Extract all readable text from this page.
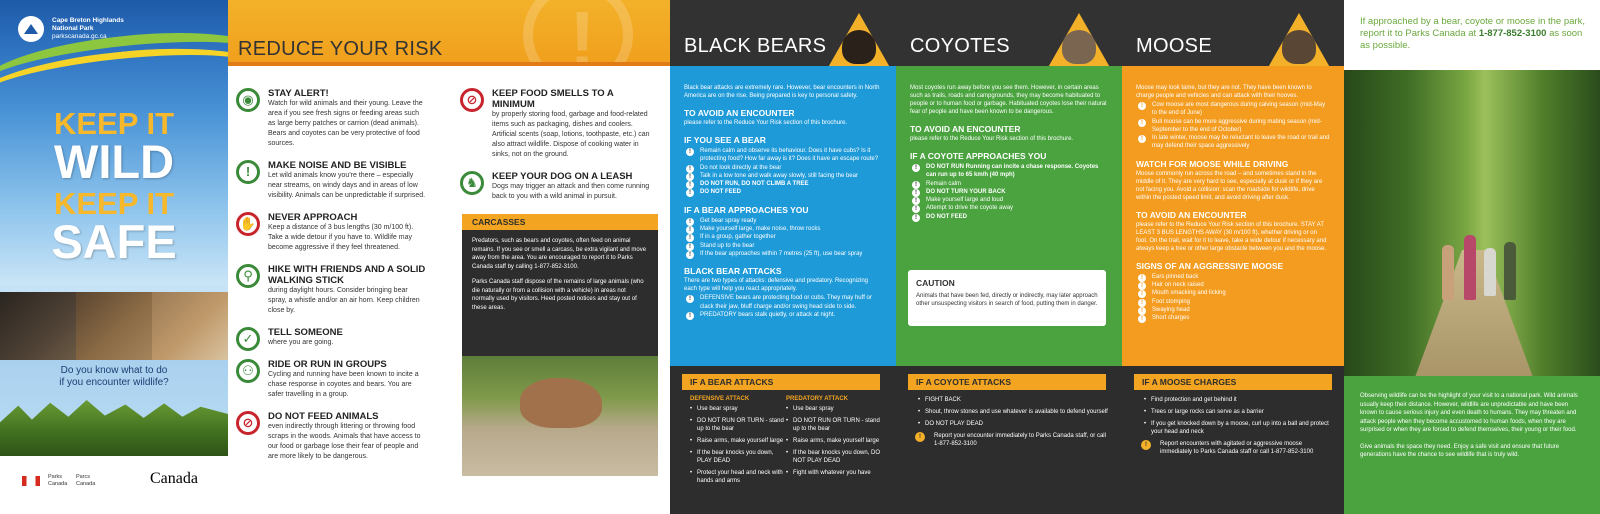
Cape Breton Highlands
National Park
parkscanada.gc.ca
KEEP IT
WILD
KEEP IT
SAFE
Do you know what to do
if you encounter wildlife?
Parks
Canada
Parcs
Canada	Canada
!
REDUCE YOUR RISK
◉	STAY ALERT!
Watch for wild animals and their young. Leave the area if you see fresh signs or feeding areas such as large berry patches or carrion (dead animals). Bears and coyotes can be very protective of food sources.
!	MAKE NOISE AND BE VISIBLE
Let wild animals know you're there – especially near streams, on windy days and in areas of low visibility. Animals can be unpredictable if surprised.
✋	NEVER APPROACH
Keep a distance of 3 bus lengths (30 m/100 ft). Take a wide detour if you have to. Wildlife may become aggressive if they feel threatened.
⚲	HIKE WITH FRIENDS AND A SOLID WALKING STICK
during daylight hours. Consider bringing bear spray, a whistle and/or an air horn. Keep children close by.
✓	TELL SOMEONE
where you are going.
⚇	RIDE OR RUN IN GROUPS
Cycling and running have been known to incite a chase response in coyotes and bears. You are safer travelling in a group.
⊘	DO NOT FEED ANIMALS
even indirectly through littering or throwing food scraps in the woods. Animals that have access to our food or garbage lose their fear of people and are more likely to be dangerous.
⊘	KEEP FOOD SMELLS TO A MINIMUM
by properly storing food, garbage and food-related items such as packaging, dishes and coolers. Artificial scents (soap, lotions, toothpaste, etc.) can also attract wildlife. Dispose of cooking water in sinks, not on the ground.
♞	KEEP YOUR DOG ON A LEASH
Dogs may trigger an attack and then come running back to you with a wild animal in pursuit.
CARCASSES

Predators, such as bears and coyotes, often feed on animal remains. If you see or smell a carcass, be extra vigilant and move away from the area. You are encouraged to report it to Parks Canada staff by calling 1-877-852-3100.

Parks Canada staff dispose of the remains of large animals (who die naturally or from a collision with a vehicle) in areas not normally used by visitors. Heed posted notices and stay out of these areas.

BLACK BEARS

Black bear attacks are extremely rare. However, bear encounters in North America are on the rise. Being prepared is key to personal safety.

TO AVOID AN ENCOUNTER

please refer to the Reduce Your Risk section of this brochure.

IF YOU SEE A BEAR
! Remain calm and observe its behaviour. Does it have cubs? Is it protecting food? How far away is it? Does it have an escape route?
! Do not look directly at the bear
! Talk in a low tone and walk away slowly, still facing the bear
! DO NOT RUN, DO NOT CLIMB A TREE
! DO NOT FEED
IF A BEAR APPROACHES YOU
! Get bear spray ready
! Make yourself large, make noise, throw rocks
! If in a group, gather together
! Stand up to the bear
! If the bear approaches within 7 metres (25 ft), use bear spray
BLACK BEAR ATTACKS

There are two types of attacks: defensive and predatory. Recognizing each type will help you react appropriately.

! DEFENSIVE bears are protecting food or cubs. They may huff or clack their jaw, bluff charge and/or swing head side to side.
! PREDATORY bears stalk quietly, or attack at night.
IF A BEAR ATTACKS
DEFENSIVE ATTACK
• Use bear spray
• DO NOT RUN OR TURN - stand up to the bear
• Raise arms, make yourself large
• If the bear knocks you down, PLAY DEAD
• Protect your head and neck with hands and arms
PREDATORY ATTACK
• Use bear spray
• DO NOT RUN OR TURN - stand up to the bear
• Raise arms, make yourself large
• If the bear knocks you down, DO NOT PLAY DEAD
• Fight with whatever you have
COYOTES

Most coyotes run away before you see them. However, in certain areas such as trails, roads and campgrounds, they may become habituated to people or to human food or garbage. Habituated coyotes lose their natural fear of people and have been known to be dangerous.

TO AVOID AN ENCOUNTER

please refer to the Reduce Your Risk section of this brochure.

IF A COYOTE APPROACHES YOU
! DO NOT RUN Running can incite a chase response. Coyotes can run up to 65 km/h (40 mph)
! Remain calm
! DO NOT TURN YOUR BACK
! Make yourself large and loud
! Attempt to drive the coyote away
! DO NOT FEED
CAUTION
Animals that have been fed, directly or indirectly, may later approach other unsuspecting visitors in search of food, putting them in danger.
IF A COYOTE ATTACKS
• FIGHT BACK
• Shout, throw stones and use whatever is available to defend yourself
• DO NOT PLAY DEAD
! Report your encounter immediately to Parks Canada staff, or call 1-877-852-3100
MOOSE

Moose may look tame, but they are not. They have been known to charge people and vehicles and can attack with their hooves.

! Cow moose are most dangerous during calving season (mid-May to the end of June)
! Bull moose can be more aggressive during mating season (mid-September to the end of October)
! In late winter, moose may be reluctant to leave the road or trail and may defend their space aggressively
WATCH FOR MOOSE WHILE DRIVING

Moose commonly run across the road – and sometimes stand in the middle of it. They are very hard to see, especially at dusk or if they are not facing you. Avoid a collision: scan the roadside for wildlife, drive within the posted speed limit, and avoid driving after dusk.

TO AVOID AN ENCOUNTER

please refer to the Reduce Your Risk section of this brochure. STAY AT LEAST 3 BUS LENGTHS AWAY (30 m/100 ft), whether driving or on foot. On the trail, wait for it to leave, take a wide detour if necessary and always keep a tree or other large obstacle between you and the moose.

SIGNS OF AN AGGRESSIVE MOOSE
! Ears pinned back
! Hair on neck raised
! Mouth smacking and licking
! Foot stomping
! Swaying head
! Short charges
IF A MOOSE CHARGES
• Find protection and get behind it
• Trees or large rocks can serve as a barrier
• If you get knocked down by a moose, curl up into a ball and protect your head and neck
! Report encounters with agitated or aggressive moose immediately to Parks Canada staff or call 1-877-852-3100

If approached by a bear, coyote or moose in the park, report it to Parks Canada at 1-877-852-3100 as soon as possible.

Observing wildlife can be the highlight of your visit to a national park. Wild animals usually keep their distance. However, wildlife are unpredictable and have been known to cause serious injury and even death to humans. They may threaten and attack people when they become accustomed to human foods, when they are surprised or when they are forced to defend themselves, their young or their food.

Give animals the space they need. Enjoy a safe visit and ensure that future generations have the chance to see wildlife that is truly wild.
